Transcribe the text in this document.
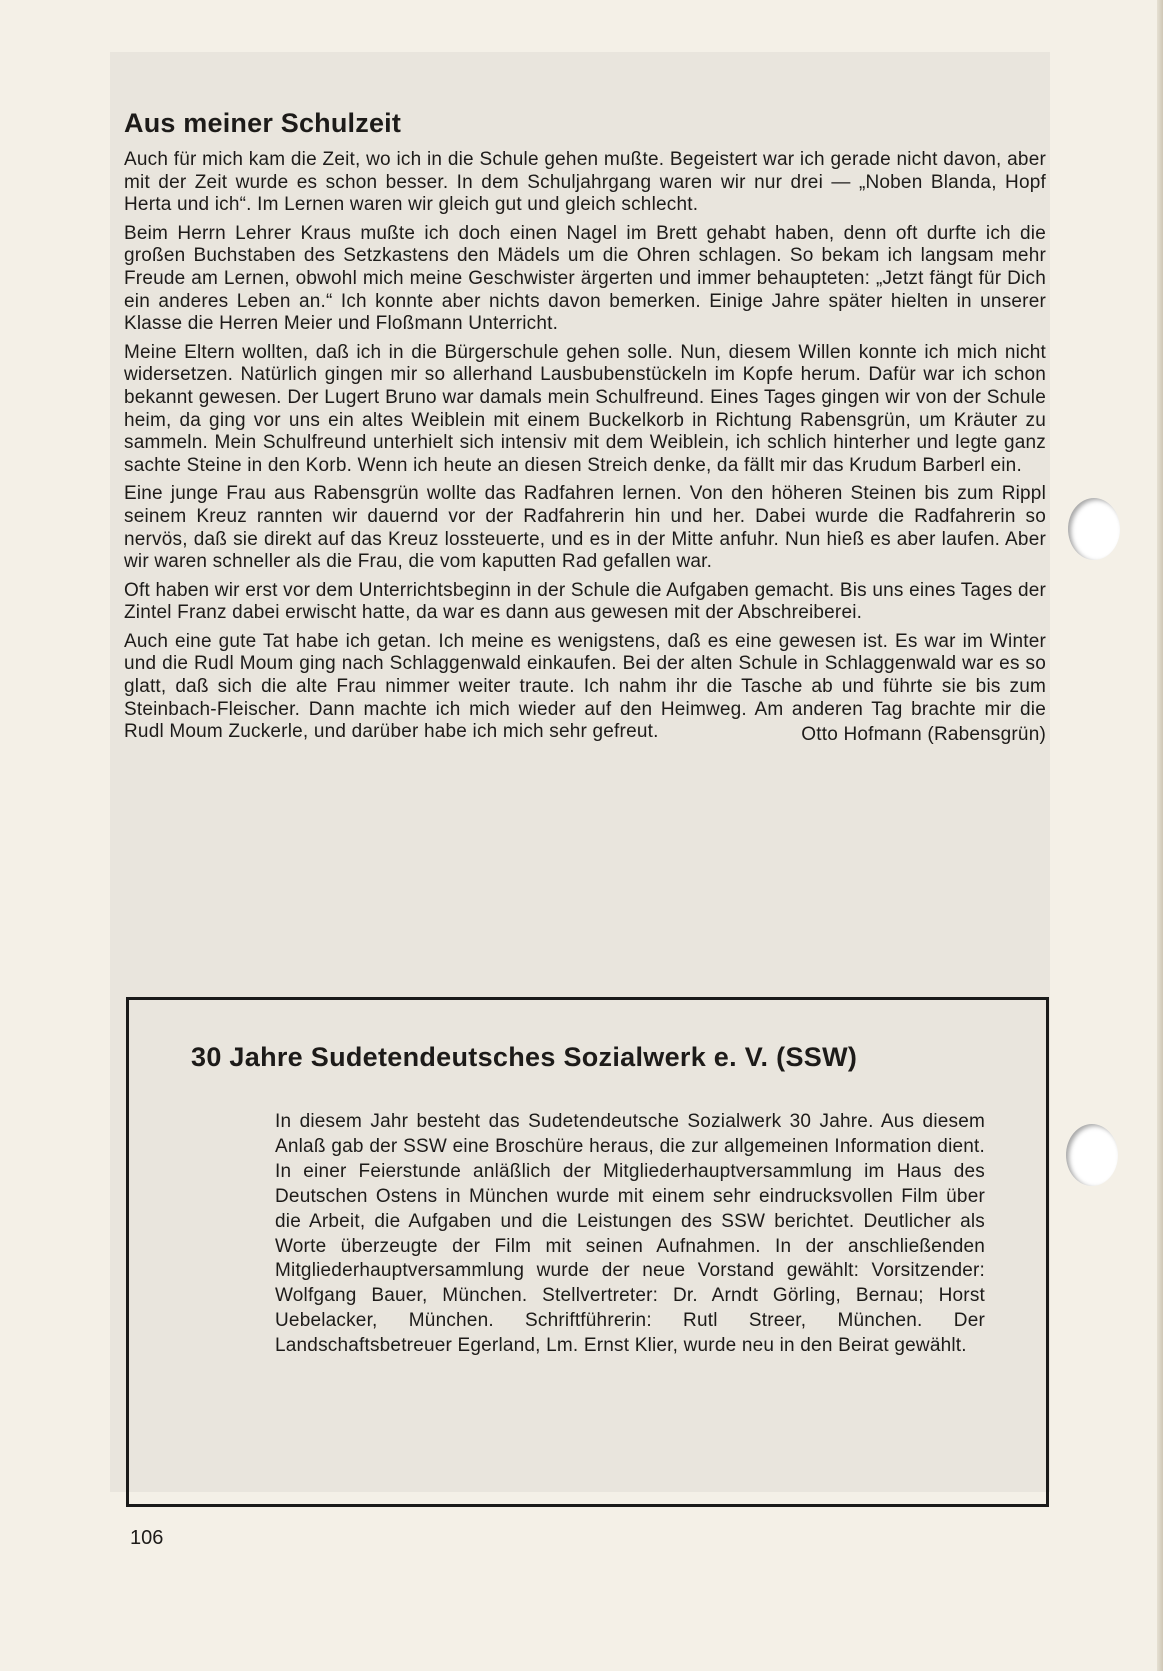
Aus meiner Schulzeit

Auch für mich kam die Zeit, wo ich in die Schule gehen mußte. Begeistert war ich gerade nicht davon, aber mit der Zeit wurde es schon besser. In dem Schuljahrgang waren wir nur drei — „Noben Blanda, Hopf Herta und ich“. Im Lernen waren wir gleich gut und gleich schlecht.

Beim Herrn Lehrer Kraus mußte ich doch einen Nagel im Brett gehabt haben, denn oft durfte ich die großen Buchstaben des Setzkastens den Mädels um die Ohren schlagen. So bekam ich langsam mehr Freude am Lernen, obwohl mich meine Geschwister ärgerten und immer behaupteten: „Jetzt fängt für Dich ein anderes Leben an.“ Ich konnte aber nichts davon bemerken. Einige Jahre später hielten in unserer Klasse die Herren Meier und Floßmann Unterricht.

Meine Eltern wollten, daß ich in die Bürgerschule gehen solle. Nun, diesem Willen konnte ich mich nicht widersetzen. Natürlich gingen mir so allerhand Lausbubenstückeln im Kopfe herum. Dafür war ich schon bekannt gewesen. Der Lugert Bruno war damals mein Schulfreund. Eines Tages gingen wir von der Schule heim, da ging vor uns ein altes Weiblein mit einem Buckelkorb in Richtung Rabensgrün, um Kräuter zu sammeln. Mein Schulfreund unterhielt sich intensiv mit dem Weiblein, ich schlich hinterher und legte ganz sachte Steine in den Korb. Wenn ich heute an diesen Streich denke, da fällt mir das Krudum Barberl ein.

Eine junge Frau aus Rabensgrün wollte das Radfahren lernen. Von den höheren Steinen bis zum Rippl seinem Kreuz rannten wir dauernd vor der Radfahrerin hin und her. Dabei wurde die Radfahrerin so nervös, daß sie direkt auf das Kreuz lossteuerte, und es in der Mitte anfuhr. Nun hieß es aber laufen. Aber wir waren schneller als die Frau, die vom kaputten Rad gefallen war.

Oft haben wir erst vor dem Unterrichtsbeginn in der Schule die Aufgaben gemacht. Bis uns eines Tages der Zintel Franz dabei erwischt hatte, da war es dann aus gewesen mit der Abschreiberei.

Auch eine gute Tat habe ich getan. Ich meine es wenigstens, daß es eine gewesen ist. Es war im Winter und die Rudl Moum ging nach Schlaggenwald einkaufen. Bei der alten Schule in Schlaggenwald war es so glatt, daß sich die alte Frau nimmer weiter traute. Ich nahm ihr die Tasche ab und führte sie bis zum Steinbach-Fleischer. Dann machte ich mich wieder auf den Heimweg. Am anderen Tag brachte mir die Rudl Moum Zuckerle, und darüber habe ich mich sehr gefreut.	Otto Hofmann (Rabensgrün)
30 Jahre Sudetendeutsches Sozialwerk e. V. (SSW)

In diesem Jahr besteht das Sudetendeutsche Sozialwerk 30 Jahre. Aus diesem Anlaß gab der SSW eine Broschüre heraus, die zur allgemeinen Information dient. In einer Feierstunde anläßlich der Mitgliederhauptversammlung im Haus des Deutschen Ostens in München wurde mit einem sehr eindrucksvollen Film über die Arbeit, die Aufgaben und die Leistungen des SSW berichtet. Deutlicher als Worte überzeugte der Film mit seinen Aufnahmen. In der anschließenden Mitgliederhauptversammlung wurde der neue Vorstand gewählt: Vorsitzender: Wolfgang Bauer, München. Stellvertreter: Dr. Arndt Görling, Bernau; Horst Uebelacker, München. Schriftführerin: Rutl Streer, München. Der Landschaftsbetreuer Egerland, Lm. Ernst Klier, wurde neu in den Beirat gewählt.

106
